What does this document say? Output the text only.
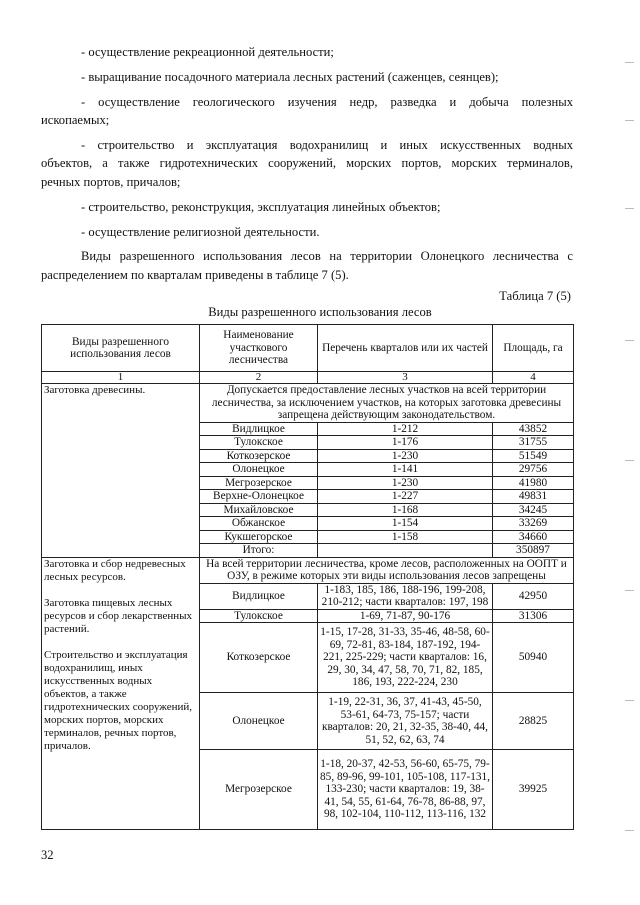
- осуществление рекреационной деятельности;

- выращивание посадочного материала лесных растений (саженцев, сеянцев);

- осуществление геологического изучения недр, разведка и добыча полезных

ископаемых;

- строительство и эксплуатация водохранилищ и иных искусственных водных

объектов, а также гидротехнических сооружений, морских портов, морских терминалов,

речных портов, причалов;

- строительство, реконструкция, эксплуатация линейных объектов;

- осуществление религиозной деятельности.

Виды разрешенного использования лесов на территории Олонецкого лесничества с

распределением по кварталам приведены в таблице 7 (5).

Таблица 7 (5)
Виды разрешенного использования лесов
Виды разрешенного использования лесов	Наименование участкового лесничества	Перечень кварталов или их частей	Площадь, га
1	2	3	4
Заготовка древесины.	Допускается предоставление лесных участков на всей территории лесничества, за исключением участков, на которых заготовка древесины запрещена действующим законодательством.		
	Видлицкое	1-212	43852
	Тулокское	1-176	31755
	Коткозерское	1-230	51549
	Олонецкое	1-141	29756
	Мегрозерское	1-230	41980
	Верхне-Олонецкое	1-227	49831
	Михайловское	1-168	34245
	Обжанское	1-154	33269
	Кукшегорское	1-158	34660
	Итого:		350897

Заготовка и сбор недревесных лесных ресурсов.
Заготовка пищевых лесных ресурсов и сбор лекарственных растений.
Строительство и эксплуатация водохранилищ, иных искусственных водных объектов, а также гидротехнических сооружений, морских портов, морских терминалов, речных портов, причалов.	На всей территории лесничества, кроме лесов, расположенных на ООПТ и ОЗУ, в режиме которых эти виды использования лесов запрещены		
	Видлицкое	1-183, 185, 186, 188-196, 199-208, 210-212; части кварталов: 197, 198	42950
	Тулокское	1-69, 71-87, 90-176	31306
	Коткозерское	1-15, 17-28, 31-33, 35-46, 48-58, 60-69, 72-81, 83-184, 187-192, 194-221, 225-229; части кварталов: 16, 29, 30, 34, 47, 58, 70, 71, 82, 185, 186, 193, 222-224, 230	50940
	Олонецкое	1-19, 22-31, 36, 37, 41-43, 45-50, 53-61, 64-73, 75-157; части кварталов: 20, 21, 32-35, 38-40, 44, 51, 52, 62, 63, 74	28825
	Мегрозерское	1-18, 20-37, 42-53, 56-60, 65-75, 79-85, 89-96, 99-101, 105-108, 117-131, 133-230; части кварталов: 19, 38-41, 54, 55, 61-64, 76-78, 86-88, 97, 98, 102-104, 110-112, 113-116, 132	39925
32
